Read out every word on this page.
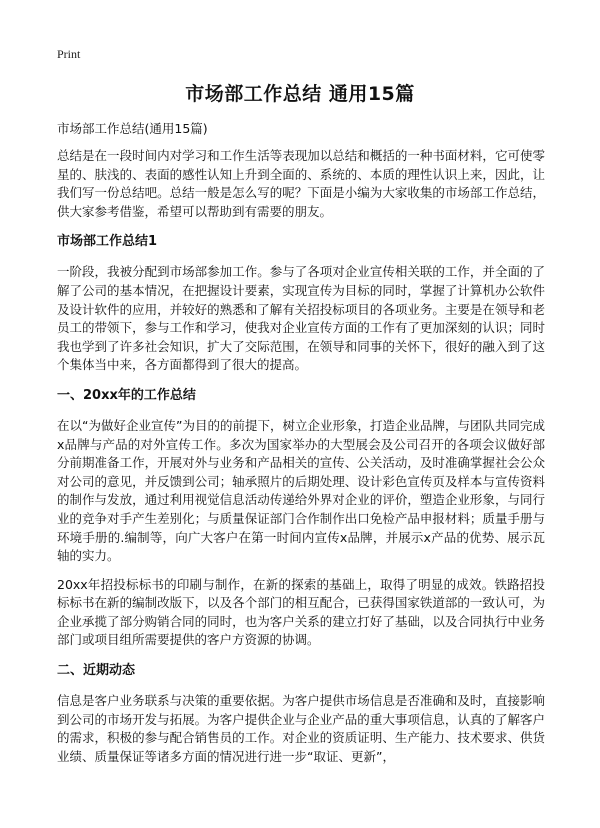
Print
市场部工作总结 通用15篇
市场部工作总结(通用15篇)

总结是在一段时间内对学习和工作生活等表现加以总结和概括的一种书面材料，它可使零星的、肤浅的、表面的感性认知上升到全面的、系统的、本质的理性认识上来，因此，让我们写一份总结吧。总结一般是怎么写的呢？下面是小编为大家收集的市场部工作总结，供大家参考借鉴，希望可以帮助到有需要的朋友。

市场部工作总结1

一阶段，我被分配到市场部参加工作。参与了各项对企业宣传相关联的工作，并全面的了解了公司的基本情况，在把握设计要素，实现宣传为目标的同时，掌握了计算机办公软件及设计软件的应用，并较好的熟悉和了解有关招投标项目的各项业务。主要是在领导和老员工的带领下，参与工作和学习，使我对企业宣传方面的工作有了更加深刻的认识；同时我也学到了许多社会知识，扩大了交际范围，在领导和同事的关怀下，很好的融入到了这个集体当中来，各方面都得到了很大的提高。

一、20xx年的工作总结

在以“为做好企业宣传”为目的的前提下，树立企业形象，打造企业品牌，与团队共同完成x品牌与产品的对外宣传工作。多次为国家举办的大型展会及公司召开的各项会议做好部分前期准备工作，开展对外与业务和产品相关的宣传、公关活动，及时准确掌握社会公众对公司的意见，并反馈到公司；轴承照片的后期处理、设计彩色宣传页及样本与宣传资料的制作与发放，通过利用视觉信息活动传递给外界对企业的评价，塑造企业形象，与同行业的竞争对手产生差别化；与质量保证部门合作制作出口免检产品申报材料；质量手册与环境手册的.编制等，向广大客户在第一时间内宣传x品牌，并展示x产品的优势、展示瓦轴的实力。

20xx年招投标标书的印刷与制作，在新的探索的基础上，取得了明显的成效。铁路招投标标书在新的编制改版下，以及各个部门的相互配合，已获得国家铁道部的一致认可，为企业承揽了部分购销合同的同时，也为客户关系的建立打好了基础，以及合同执行中业务部门或项目组所需要提供的客户方资源的协调。

二、近期动态

信息是客户业务联系与决策的重要依据。为客户提供市场信息是否准确和及时，直接影响到公司的市场开发与拓展。为客户提供企业与企业产品的重大事项信息，认真的了解客户的需求，积极的参与配合销售员的工作。对企业的资质证明、生产能力、技术要求、供货业绩、质量保证等诸多方面的情况进行进一步“取证、更新”，
